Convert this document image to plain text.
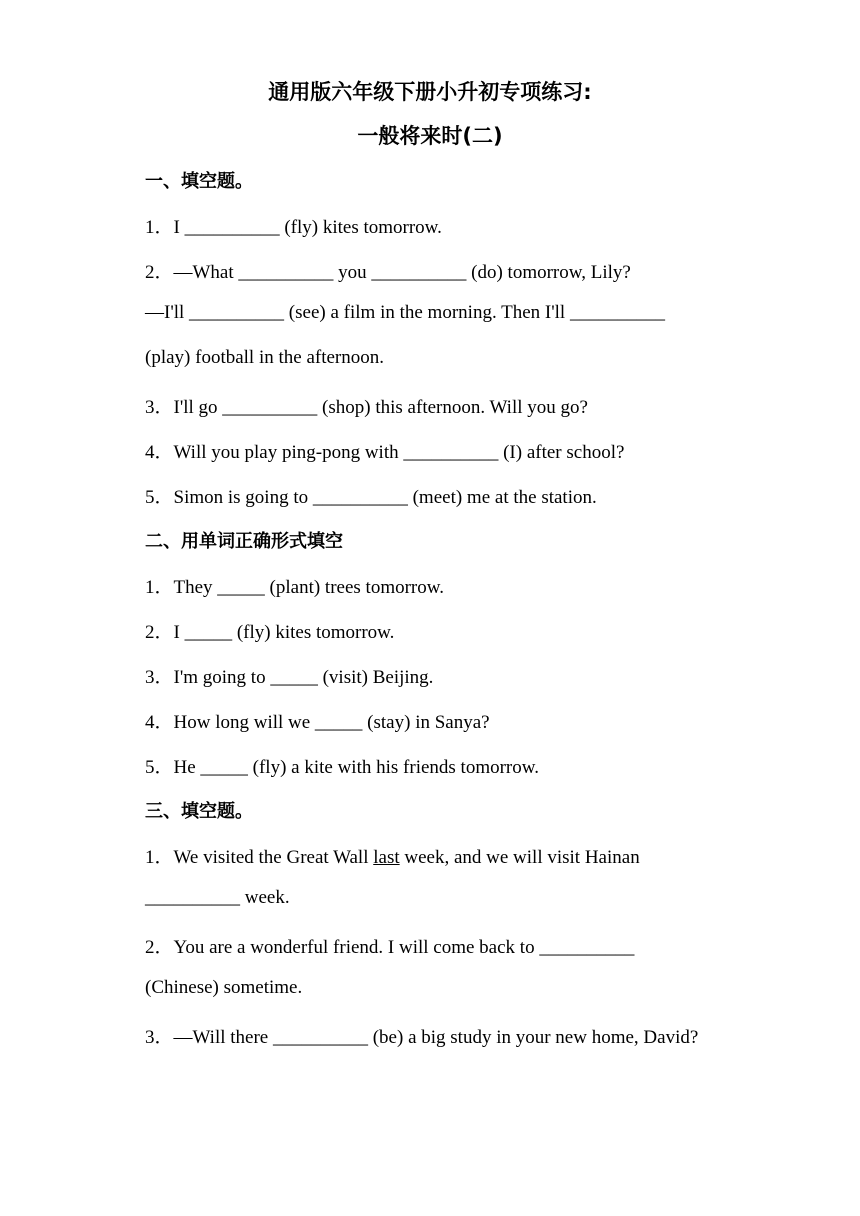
通用版六年级下册小升初专项练习:
一般将来时(二)
一、填空题。
1．I __________ (fly) kites tomorrow.
2．—What __________ you __________ (do) tomorrow, Lily?
—I'll __________ (see) a film in the morning. Then I'll __________
(play) football in the afternoon.
3．I'll go __________ (shop) this afternoon. Will you go?
4．Will you play ping-pong with __________ (I) after school?
5．Simon is going to __________ (meet) me at the station.
二、用单词正确形式填空
1．They _____ (plant) trees tomorrow.
2．I _____ (fly) kites tomorrow.
3．I'm going to _____ (visit) Beijing.
4．How long will we _____ (stay) in Sanya?
5．He _____ (fly) a kite with his friends tomorrow.
三、填空题。
1．We visited the Great Wall last week, and we will visit Hainan
__________ week.
2．You are a wonderful friend. I will come back to __________
(Chinese) sometime.
3．—Will there __________ (be) a big study in your new home, David?
